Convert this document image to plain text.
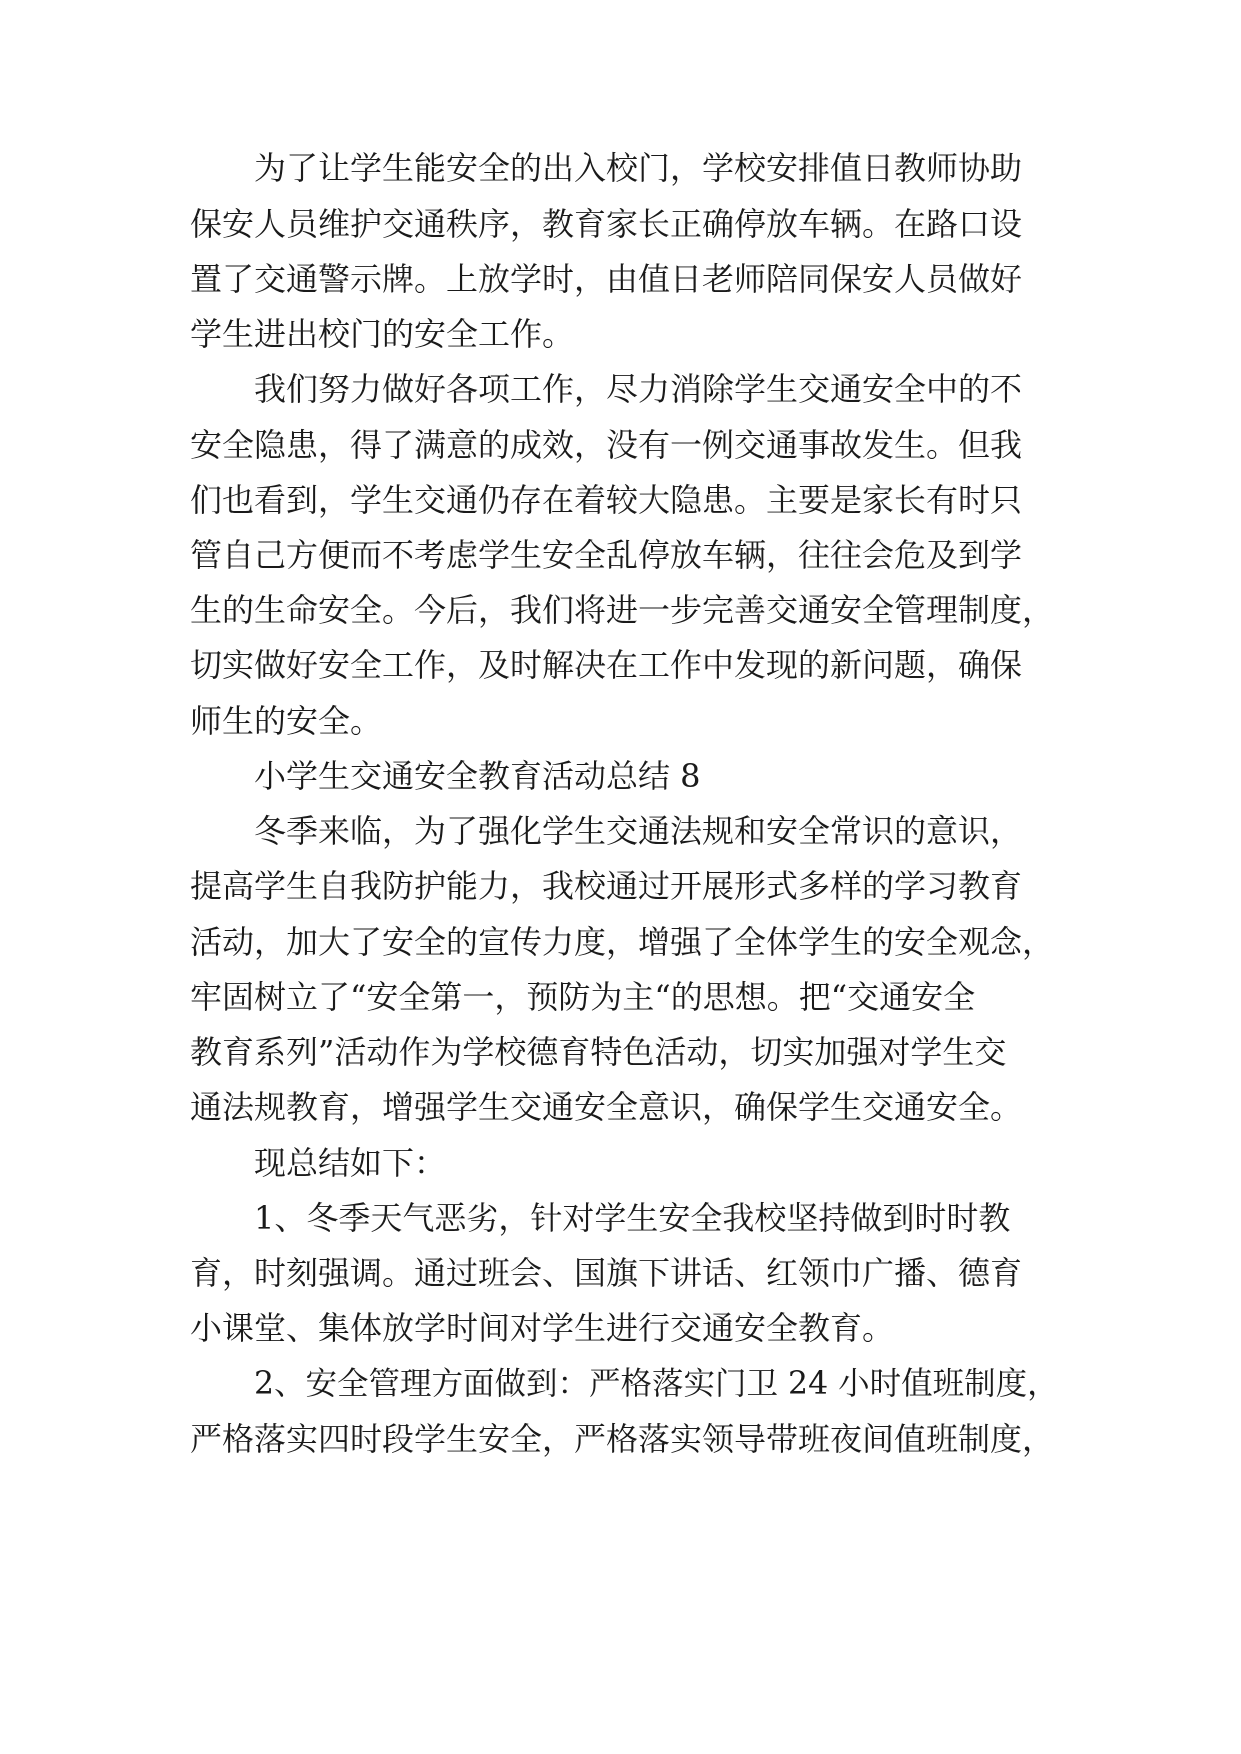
为了让学生能安全的出入校门，学校安排值日教师协助
保安人员维护交通秩序，教育家长正确停放车辆。在路口设
置了交通警示牌。上放学时，由值日老师陪同保安人员做好
学生进出校门的安全工作。
我们努力做好各项工作，尽力消除学生交通安全中的不
安全隐患，得了满意的成效，没有一例交通事故发生。但我
们也看到，学生交通仍存在着较大隐患。主要是家长有时只
管自己方便而不考虑学生安全乱停放车辆，往往会危及到学
生的生命安全。今后，我们将进一步完善交通安全管理制度，
切实做好安全工作，及时解决在工作中发现的新问题，确保
师生的安全。
小学生交通安全教育活动总结 8
冬季来临，为了强化学生交通法规和安全常识的意识，
提高学生自我防护能力，我校通过开展形式多样的学习教育
活动，加大了安全的宣传力度，增强了全体学生的安全观念，
牢固树立了“安全第一，预防为主“的思想。把“交通安全
教育系列”活动作为学校德育特色活动，切实加强对学生交
通法规教育，增强学生交通安全意识，确保学生交通安全。
现总结如下：
1、冬季天气恶劣，针对学生安全我校坚持做到时时教
育，时刻强调。通过班会、国旗下讲话、红领巾广播、德育
小课堂、集体放学时间对学生进行交通安全教育。
2、安全管理方面做到：严格落实门卫 24 小时值班制度，
严格落实四时段学生安全，严格落实领导带班夜间值班制度，
